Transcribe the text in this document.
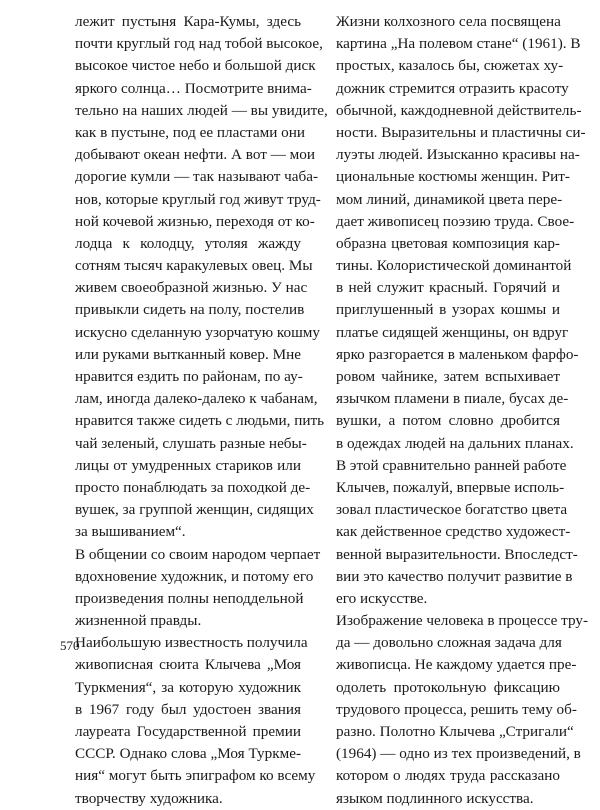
лежит пустыня Кара-Кумы, здесь
почти круглый год над тобой высокое,
высокое чистое небо и большой диск
яркого солнца… Посмотрите внима-
тельно на наших людей — вы увидите,
как в пустыне, под ее пластами они
добывают океан нефти. А вот — мои
дорогие кумли — так называют чаба-
нов, которые круглый год живут труд-
ной кочевой жизнью, переходя от ко-
лодца к колодцу, утоляя жажду
сотням тысяч каракулевых овец. Мы
живем своеобразной жизнью. У нас
привыкли сидеть на полу, постелив
искусно сделанную узорчатую кошму
или руками вытканный ковер. Мне
нравится ездить по районам, по ау-
лам, иногда далеко-далеко к чабанам,
нравится также сидеть с людьми, пить
чай зеленый, слушать разные небы-
лицы от умудренных стариков или
просто понаблюдать за походкой де-
вушек, за группой женщин, сидящих
за вышиванием“.
В общении со своим народом черпает
вдохновение художник, и потому его
произведения полны неподдельной
жизненной правды.
Наибольшую известность получила
живописная сюита Клычева „Моя
Туркмения“, за которую художник
в 1967 году был удостоен звания
лауреата Государственной премии
СССР. Однако слова „Моя Туркме-
ния“ могут быть эпиграфом ко всему
творчеству художника.
Жизни колхозного села посвящена
картина „На полевом стане“ (1961). В
простых, казалось бы, сюжетах ху-
дожник стремится отразить красоту
обычной, каждодневной действитель-
ности. Выразительны и пластичны си-
луэты людей. Изысканно красивы на-
циональные костюмы женщин. Рит-
мом линий, динамикой цвета пере-
дает живописец поэзию труда. Свое-
образна цветовая композиция кар-
тины. Колористической доминантой
в ней служит красный. Горячий и
приглушенный в узорах кошмы и
платье сидящей женщины, он вдруг
ярко разгорается в маленьком фарфо-
ровом чайнике, затем вспыхивает
язычком пламени в пиале, бусах де-
вушки, а потом словно дробится
в одеждах людей на дальних планах.
В этой сравнительно ранней работе
Клычев, пожалуй, впервые исполь-
зовал пластическое богатство цвета
как действенное средство художест-
венной выразительности. Впоследст-
вии это качество получит развитие в
его искусстве.
Изображение человека в процессе тру-
да — довольно сложная задача для
живописца. Не каждому удается пре-
одолеть протокольную фиксацию
трудового процесса, решить тему об-
разно. Полотно Клычева „Стригали“
(1964) — одно из тех произведений, в
котором о людях труда рассказано
языком подлинного искусства.
570
